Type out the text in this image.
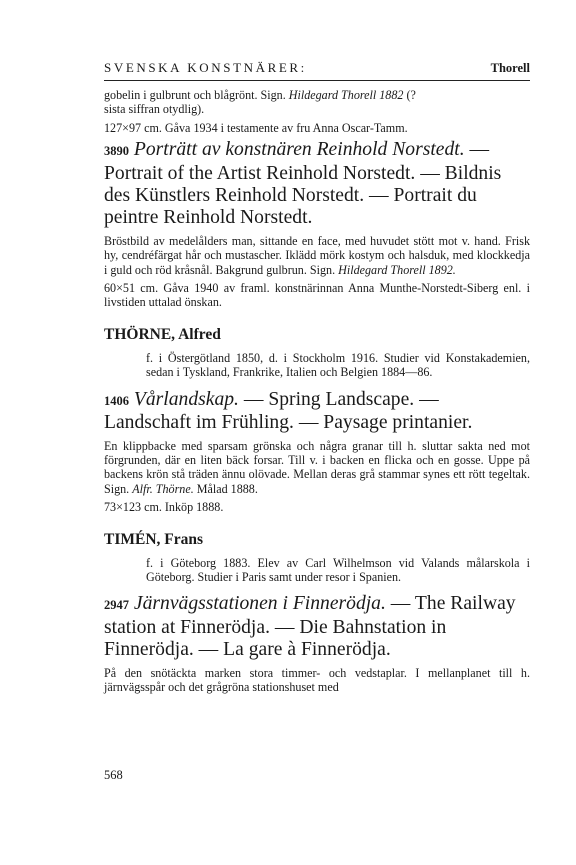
SVENSKA KONSTNÄRER:	Thorell

gobelin i gulbrunt och blågrönt. Sign. Hildegard Thorell 1882 (?
sista siffran otydlig).

127×97 cm. Gåva 1934 i testamente av fru Anna Oscar-Tamm.

3890 Porträtt av konstnären Reinhold Norstedt. — Portrait of the Artist Reinhold Norstedt. — Bildnis des Künstlers Reinhold Norstedt. — Portrait du peintre Reinhold Norstedt.

Bröstbild av medelålders man, sittande en face, med huvudet stött mot v. hand. Frisk hy, cendréfärgat hår och mustascher. Iklädd mörk kostym och halsduk, med klockkedja i guld och röd kråsnål. Bakgrund gulbrun. Sign. Hildegard Thorell 1892.

60×51 cm. Gåva 1940 av framl. konstnärinnan Anna Munthe-Norstedt-Siberg enl. i livstiden uttalad önskan.

THÖRNE, Alfred

f. i Östergötland 1850, d. i Stockholm 1916. Studier vid Konstakademien, sedan i Tyskland, Frankrike, Italien och Belgien 1884—86.

1406 Vårlandskap. — Spring Landscape. — Landschaft im Frühling. — Paysage printanier.

En klippbacke med sparsam grönska och några granar till h. sluttar sakta ned mot förgrunden, där en liten bäck forsar. Till v. i backen en flicka och en gosse. Uppe på backens krön stå träden ännu olövade. Mellan deras grå stammar synes ett rött tegeltak. Sign. Alfr. Thörne. Målad 1888.

73×123 cm. Inköp 1888.

TIMÉN, Frans

f. i Göteborg 1883. Elev av Carl Wilhelmson vid Valands målarskola i Göteborg. Studier i Paris samt under resor i Spanien.

2947 Järnvägsstationen i Finnerödja. — The Railway station at Finnerödja. — Die Bahnstation in Finnerödja. — La gare à Finnerödja.

På den snötäckta marken stora timmer- och vedstaplar. I mellanplanet till h. järnvägsspår och det grågröna stationshuset med

568
